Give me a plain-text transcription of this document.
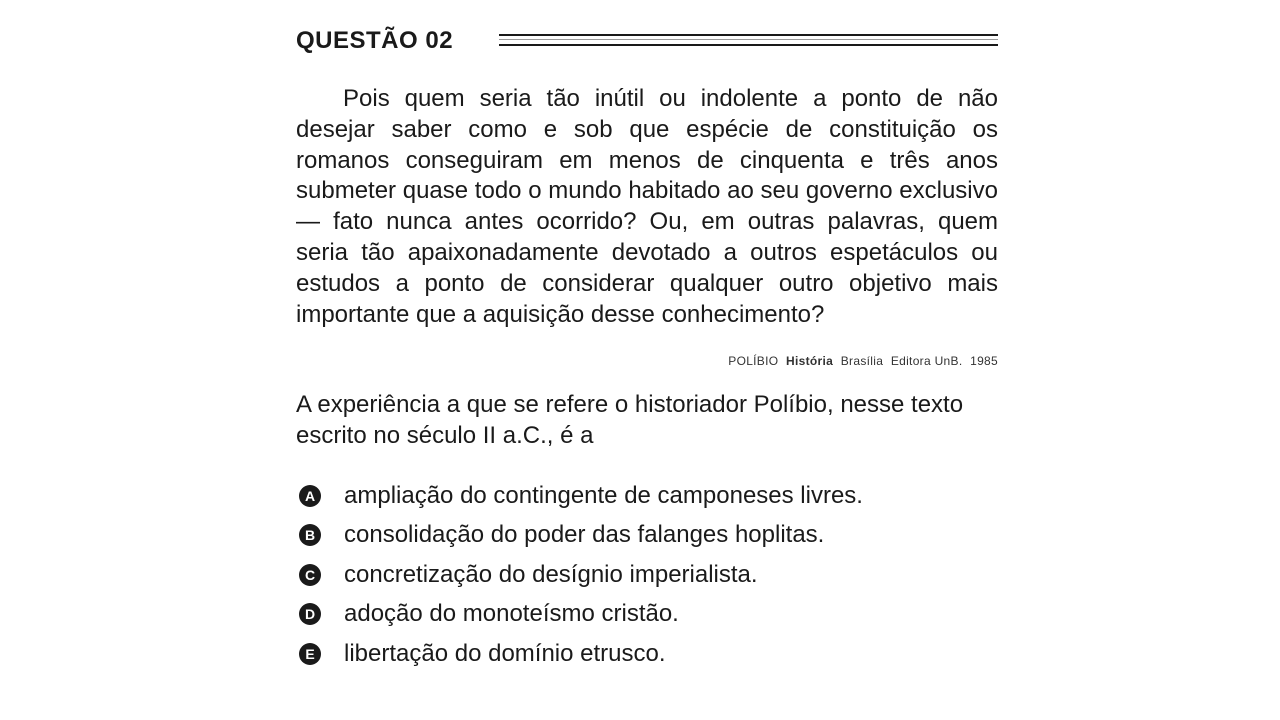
QUESTÃO 02

Pois quem seria tão inútil ou indolente a ponto de não desejar saber como e sob que espécie de constituição os romanos conseguiram em menos de cinquenta e três anos submeter quase todo o mundo habitado ao seu governo exclusivo — fato nunca antes ocorrido? Ou, em outras palavras, quem seria tão apaixonadamente devotado a outros espetáculos ou estudos a ponto de considerar qualquer outro objetivo mais importante que a aquisição desse conhecimento?

POLÍBIO História Brasília Editora UnB. 1985

A experiência a que se refere o historiador Políbio, nesse texto escrito no século II a.C., é a

A ampliação do contingente de camponeses livres.
B consolidação do poder das falanges hoplitas.
C concretização do desígnio imperialista.
D adoção do monoteísmo cristão.
E libertação do domínio etrusco.
